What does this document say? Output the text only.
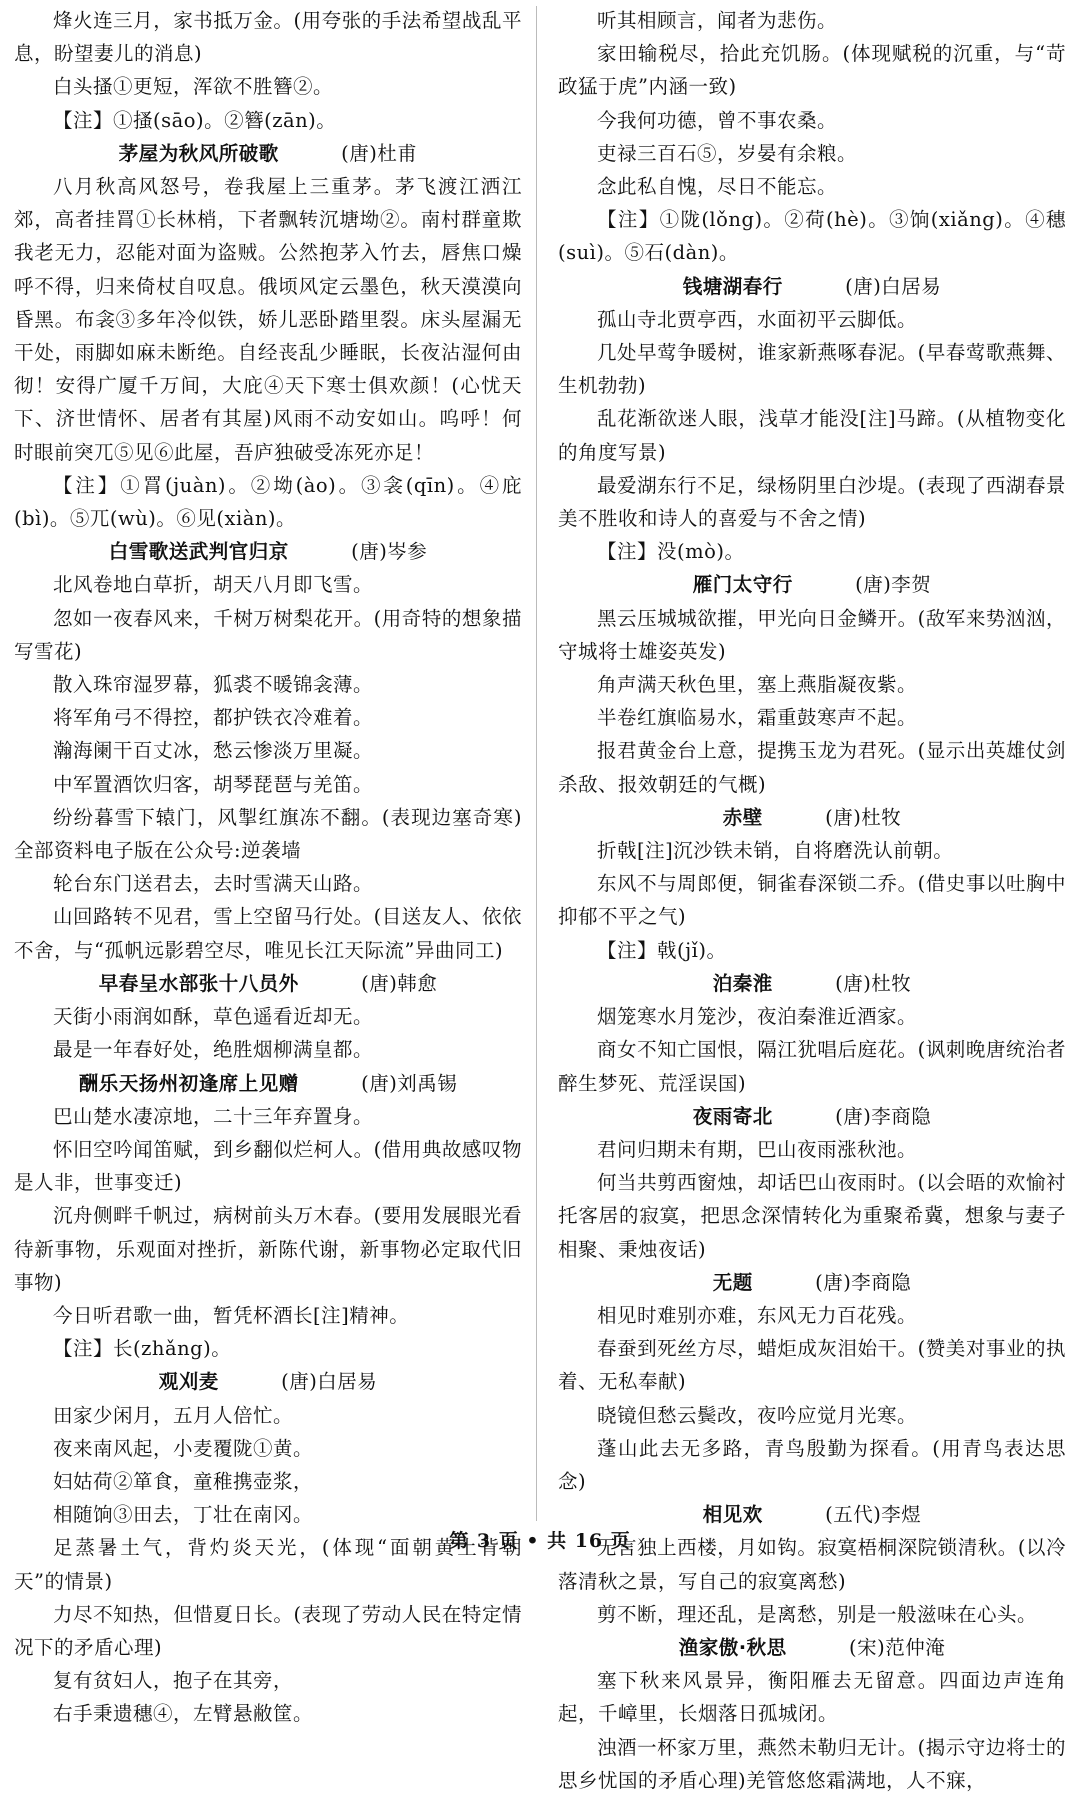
烽火连三月，家书抵万金。(用夸张的手法希望战乱平息，盼望妻儿的消息)

白头搔①更短，浑欲不胜簪②。

【注】①搔(sāo)。②簪(zān)。

茅屋为秋风所破歌	(唐)杜甫

八月秋高风怒号，卷我屋上三重茅。茅飞渡江洒江郊，高者挂罥①长林梢，下者飘转沉塘坳②。南村群童欺我老无力，忍能对面为盗贼。公然抱茅入竹去，唇焦口燥呼不得，归来倚杖自叹息。俄顷风定云墨色，秋天漠漠向昏黑。布衾③多年冷似铁，娇儿恶卧踏里裂。床头屋漏无干处，雨脚如麻未断绝。自经丧乱少睡眠，长夜沾湿何由彻！安得广厦千万间，大庇④天下寒士俱欢颜！(心忧天下、济世情怀、居者有其屋)风雨不动安如山。呜呼！何时眼前突兀⑤见⑥此屋，吾庐独破受冻死亦足！

【注】①罥(juàn)。②坳(ào)。③衾(qīn)。④庇(bì)。⑤兀(wù)。⑥见(xiàn)。

白雪歌送武判官归京	(唐)岑参

北风卷地白草折，胡天八月即飞雪。

忽如一夜春风来，千树万树梨花开。(用奇特的想象描写雪花)

散入珠帘湿罗幕，狐裘不暖锦衾薄。

将军角弓不得控，都护铁衣冷难着。

瀚海阑干百丈冰，愁云惨淡万里凝。

中军置酒饮归客，胡琴琵琶与羌笛。

纷纷暮雪下辕门，风掣红旗冻不翻。(表现边塞奇寒) 全部资料电子版在公众号:逆袭墙

轮台东门送君去，去时雪满天山路。

山回路转不见君，雪上空留马行处。(目送友人、依依不舍，与“孤帆远影碧空尽，唯见长江天际流”异曲同工)

早春呈水部张十八员外	(唐)韩愈

天街小雨润如酥，草色遥看近却无。

最是一年春好处，绝胜烟柳满皇都。

酬乐天扬州初逢席上见赠	(唐)刘禹锡

巴山楚水凄凉地，二十三年弃置身。

怀旧空吟闻笛赋，到乡翻似烂柯人。(借用典故感叹物是人非，世事变迁)

沉舟侧畔千帆过，病树前头万木春。(要用发展眼光看待新事物，乐观面对挫折，新陈代谢，新事物必定取代旧事物)

今日听君歌一曲，暂凭杯酒长[注]精神。

【注】长(zhǎng)。

观刈麦	(唐)白居易

田家少闲月，五月人倍忙。

夜来南风起，小麦覆陇①黄。

妇姑荷②箪食，童稚携壶浆，

相随饷③田去，丁壮在南冈。

足蒸暑土气，背灼炎天光，(体现“面朝黄土背朝天”的情景)

力尽不知热，但惜夏日长。(表现了劳动人民在特定情况下的矛盾心理)

复有贫妇人，抱子在其旁，

右手秉遗穗④，左臂悬敝筐。

听其相顾言，闻者为悲伤。

家田输税尽，拾此充饥肠。(体现赋税的沉重，与“苛政猛于虎”内涵一致)

今我何功德，曾不事农桑。

吏禄三百石⑤，岁晏有余粮。

念此私自愧，尽日不能忘。

【注】①陇(lǒng)。②荷(hè)。③饷(xiǎng)。④穗(suì)。⑤石(dàn)。

钱塘湖春行	(唐)白居易

孤山寺北贾亭西，水面初平云脚低。

几处早莺争暖树，谁家新燕啄春泥。(早春莺歌燕舞、生机勃勃)

乱花渐欲迷人眼，浅草才能没[注]马蹄。(从植物变化的角度写景)

最爱湖东行不足，绿杨阴里白沙堤。(表现了西湖春景美不胜收和诗人的喜爱与不舍之情)

【注】没(mò)。

雁门太守行	(唐)李贺

黑云压城城欲摧，甲光向日金鳞开。(敌军来势汹汹，守城将士雄姿英发)

角声满天秋色里，塞上燕脂凝夜紫。

半卷红旗临易水，霜重鼓寒声不起。

报君黄金台上意，提携玉龙为君死。(显示出英雄仗剑杀敌、报效朝廷的气概)

赤壁	(唐)杜牧

折戟[注]沉沙铁未销，自将磨洗认前朝。

东风不与周郎便，铜雀春深锁二乔。(借史事以吐胸中抑郁不平之气)

【注】戟(jǐ)。

泊秦淮	(唐)杜牧

烟笼寒水月笼沙，夜泊秦淮近酒家。

商女不知亡国恨，隔江犹唱后庭花。(讽刺晚唐统治者醉生梦死、荒淫误国)

夜雨寄北	(唐)李商隐

君问归期未有期，巴山夜雨涨秋池。

何当共剪西窗烛，却话巴山夜雨时。(以会晤的欢愉衬托客居的寂寞，把思念深情转化为重聚希冀，想象与妻子相聚、秉烛夜话)

无题	(唐)李商隐

相见时难别亦难，东风无力百花残。

春蚕到死丝方尽，蜡炬成灰泪始干。(赞美对事业的执着、无私奉献)

晓镜但愁云鬓改，夜吟应觉月光寒。

蓬山此去无多路，青鸟殷勤为探看。(用青鸟表达思念)

相见欢	(五代)李煜

无言独上西楼，月如钩。寂寞梧桐深院锁清秋。(以冷落清秋之景，写自己的寂寞离愁)

剪不断，理还乱，是离愁，别是一般滋味在心头。

渔家傲·秋思	(宋)范仲淹

塞下秋来风景异，衡阳雁去无留意。四面边声连角起，千嶂里，长烟落日孤城闭。

浊酒一杯家万里，燕然未勒归无计。(揭示守边将士的思乡忧国的矛盾心理)羌管悠悠霜满地，人不寐，

第 3 页 • 共 16 页
